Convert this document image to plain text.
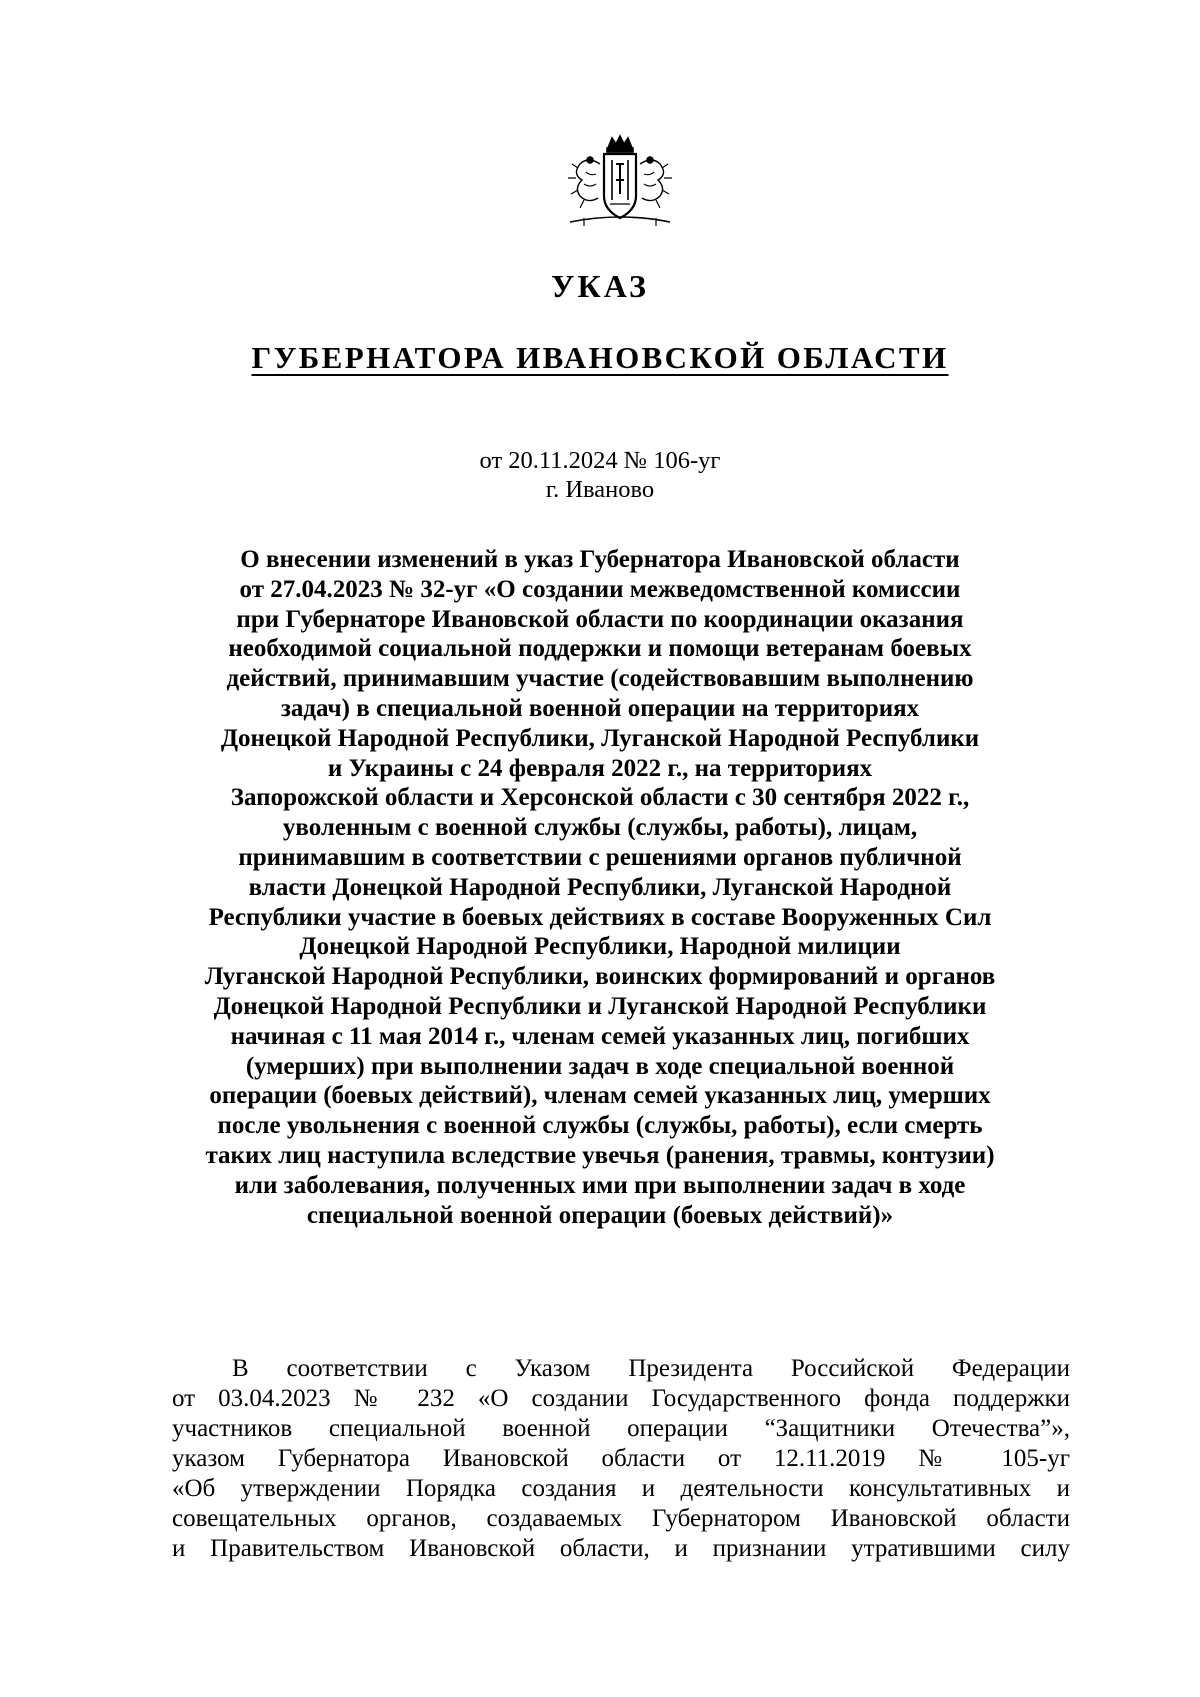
УКАЗ
ГУБЕРНАТОРА ИВАНОВСКОЙ ОБЛАСТИ
от 20.11.2024 № 106-уг
г. Иваново
О внесении изменений в указ Губернатора Ивановской области
от 27.04.2023 № 32-уг «О создании межведомственной комиссии
при Губернаторе Ивановской области по координации оказания
необходимой социальной поддержки и помощи ветеранам боевых
действий, принимавшим участие (содействовавшим выполнению
задач) в специальной военной операции на территориях
Донецкой Народной Республики, Луганской Народной Республики
и Украины с 24 февраля 2022 г., на территориях
Запорожской области и Херсонской области с 30 сентября 2022 г.,
уволенным с военной службы (службы, работы), лицам,
принимавшим в соответствии с решениями органов публичной
власти Донецкой Народной Республики, Луганской Народной
Республики участие в боевых действиях в составе Вооруженных Сил
Донецкой Народной Республики, Народной милиции
Луганской Народной Республики, воинских формирований и органов
Донецкой Народной Республики и Луганской Народной Республики
начиная с 11 мая 2014 г., членам семей указанных лиц, погибших
(умерших) при выполнении задач в ходе специальной военной
операции (боевых действий), членам семей указанных лиц, умерших
после увольнения с военной службы (службы, работы), если смерть
таких лиц наступила вследствие увечья (ранения, травмы, контузии)
или заболевания, полученных ими при выполнении задач в ходе
специальной военной операции (боевых действий)»
В соответствии с Указом Президента Российской Федерации
от 03.04.2023 № 232 «О создании Государственного фонда поддержки
участников специальной военной операции “Защитники Отечества”»,
указом Губернатора Ивановской области от 12.11.2019 № 105-уг
«Об утверждении Порядка создания и деятельности консультативных и
совещательных органов, создаваемых Губернатором Ивановской области
и Правительством Ивановской области, и признании утратившими силу
